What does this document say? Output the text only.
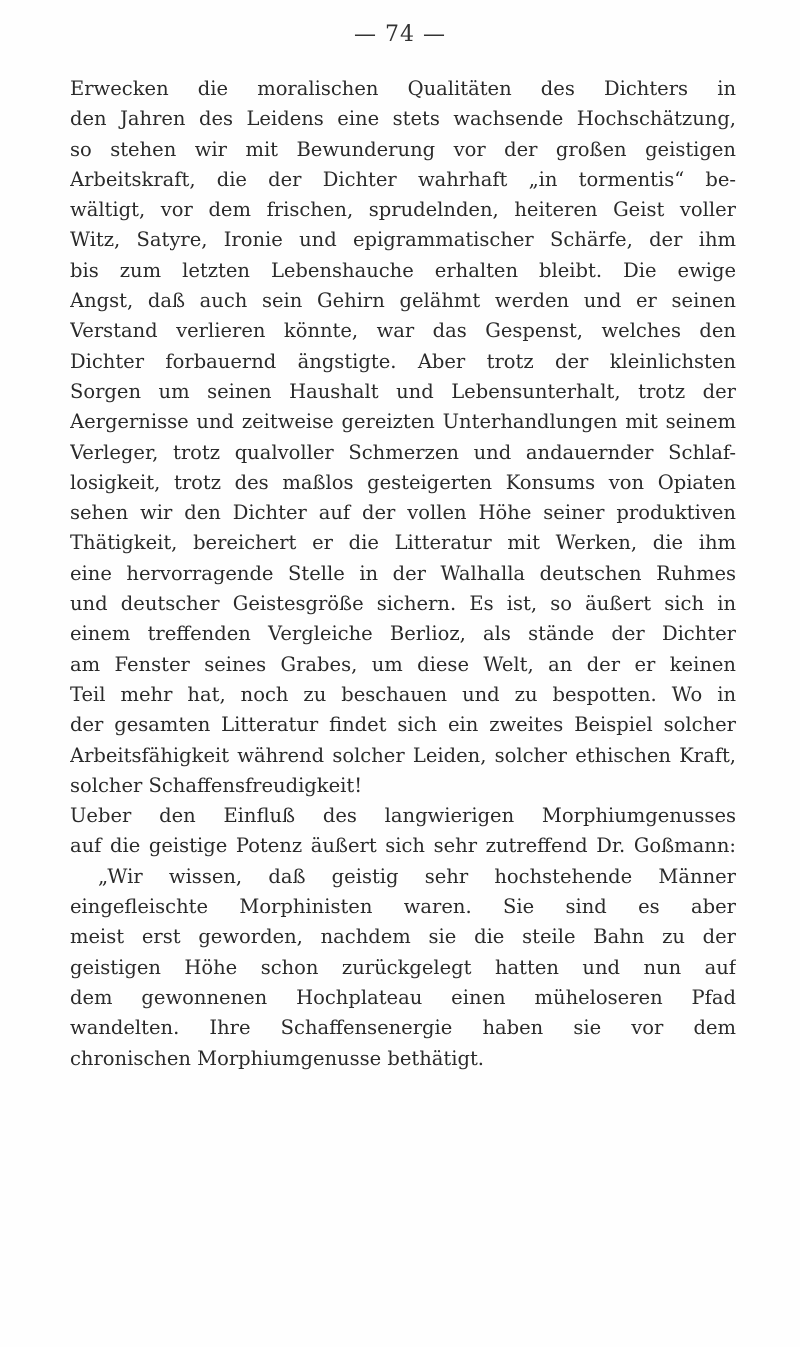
— 74 —
Erwecken die moralischen Qualitäten des Dichters in
den Jahren des Leidens eine stets wachsende Hochschätzung,
so stehen wir mit Bewunderung vor der großen geistigen
Arbeitskraft, die der Dichter wahrhaft „in tormentis“ be-
wältigt, vor dem frischen, sprudelnden, heiteren Geist voller
Witz, Satyre, Ironie und epigrammatischer Schärfe, der ihm
bis zum letzten Lebenshauche erhalten bleibt. Die ewige
Angst, daß auch sein Gehirn gelähmt werden und er seinen
Verstand verlieren könnte, war das Gespenst, welches den
Dichter forbauernd ängstigte. Aber trotz der kleinlichsten
Sorgen um seinen Haushalt und Lebensunterhalt, trotz der
Aergernisse und zeitweise gereizten Unterhandlungen mit seinem
Verleger, trotz qualvoller Schmerzen und andauernder Schlaf-
losigkeit, trotz des maßlos gesteigerten Konsums von Opiaten
sehen wir den Dichter auf der vollen Höhe seiner produktiven
Thätigkeit, bereichert er die Litteratur mit Werken, die ihm
eine hervorragende Stelle in der Walhalla deutschen Ruhmes
und deutscher Geistesgröße sichern. Es ist, so äußert sich in
einem treffenden Vergleiche Berlioz, als stände der Dichter
am Fenster seines Grabes, um diese Welt, an der er keinen
Teil mehr hat, noch zu beschauen und zu bespotten. Wo in
der gesamten Litteratur findet sich ein zweites Beispiel solcher
Arbeitsfähigkeit während solcher Leiden, solcher ethischen Kraft,
solcher Schaffensfreudigkeit!
Ueber den Einfluß des langwierigen Morphiumgenusses
auf die geistige Potenz äußert sich sehr zutreffend Dr. Goßmann:
„Wir wissen, daß geistig sehr hochstehende Männer
eingefleischte Morphinisten waren. Sie sind es aber
meist erst geworden, nachdem sie die steile Bahn zu der
geistigen Höhe schon zurückgelegt hatten und nun auf
dem gewonnenen Hochplateau einen müheloseren Pfad
wandelten. Ihre Schaffensenergie haben sie vor dem
chronischen Morphiumgenusse bethätigt.
